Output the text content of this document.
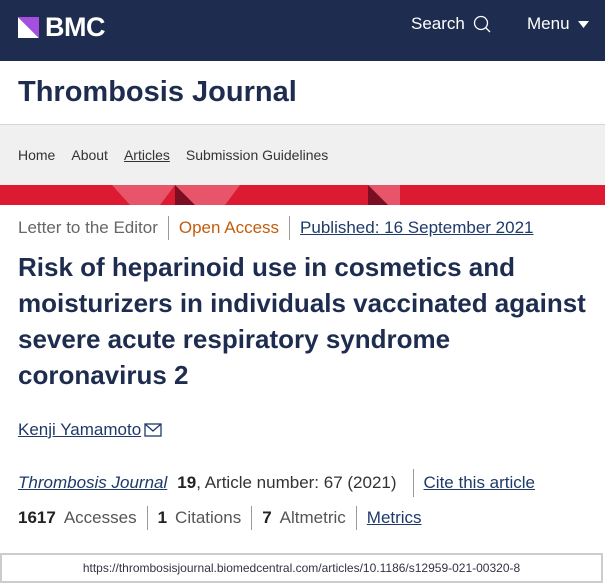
BMC	Search	Menu
Thrombosis Journal
Home About Articles Submission Guidelines
Letter to the Editor Open Access Published: 16 September 2021
Risk of heparinoid use in cosmetics and moisturizers in individuals vaccinated against severe acute respiratory syndrome coronavirus 2
Kenji Yamamoto
Thrombosis Journal 19 , Article number: 67 (2021) Cite this article
1617 Accesses 1 Citations 7 Altmetric Metrics
https://thrombosisjournal.biomedcentral.com/articles/10.1186/s12959-021-00320-8
